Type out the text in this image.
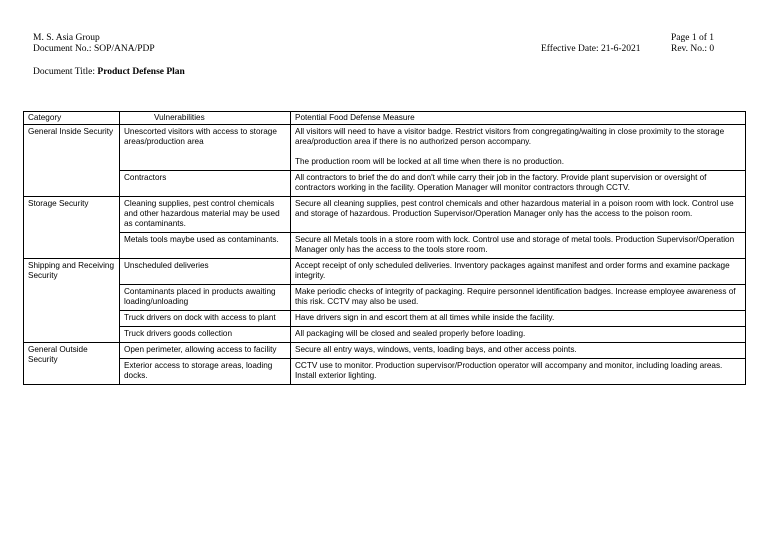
M. S. Asia Group
Document No.: SOP/ANA/PDP	Effective Date: 21-6-2021
Page 1 of 1
Rev. No.: 0
Document Title: Product Defense Plan
Category	Vulnerabilities	Potential Food Defense Measure
General Inside Security	Unescorted visitors with access to storage areas/production area	All visitors will need to have a visitor badge. Restrict visitors from congregating/waiting in close proximity to the storage area/production area if there is no authorized person accompany.

The production room will be locked at all time when there is no production.

	Contractors	All contractors to brief the do and don't while carry their job in the factory. Provide plant supervision or oversight of contractors working in the facility. Operation Manager will monitor contractors through CCTV.

Storage Security	Cleaning supplies, pest control chemicals and other hazardous material may be used as contaminants.	Secure all cleaning supplies, pest control chemicals and other hazardous material in a poison room with lock. Control use and storage of hazardous. Production Supervisor/Operation Manager only has the access to the poison room.

	Metals tools maybe used as contaminants.	Secure all Metals tools in a store room with lock. Control use and storage of metal tools. Production Supervisor/Operation Manager only has the access to the tools store room.

Shipping and Receiving Security	Unscheduled deliveries	Accept receipt of only scheduled deliveries. Inventory packages against manifest and order forms and examine package integrity.

	Contaminants placed in products awaiting loading/unloading	Make periodic checks of integrity of packaging. Require personnel identification badges. Increase employee awareness of this risk. CCTV may also be used.

	Truck drivers on dock with access to plant	Have drivers sign in and escort them at all times while inside the facility.

	Truck drivers goods collection	All packaging will be closed and sealed properly before loading.

General Outside Security	Open perimeter, allowing access to facility	Secure all entry ways, windows, vents, loading bays, and other access points.

	Exterior access to storage areas, loading docks.	CCTV use to monitor. Production supervisor/Production operator will accompany and monitor, including loading areas. Install exterior lighting.
